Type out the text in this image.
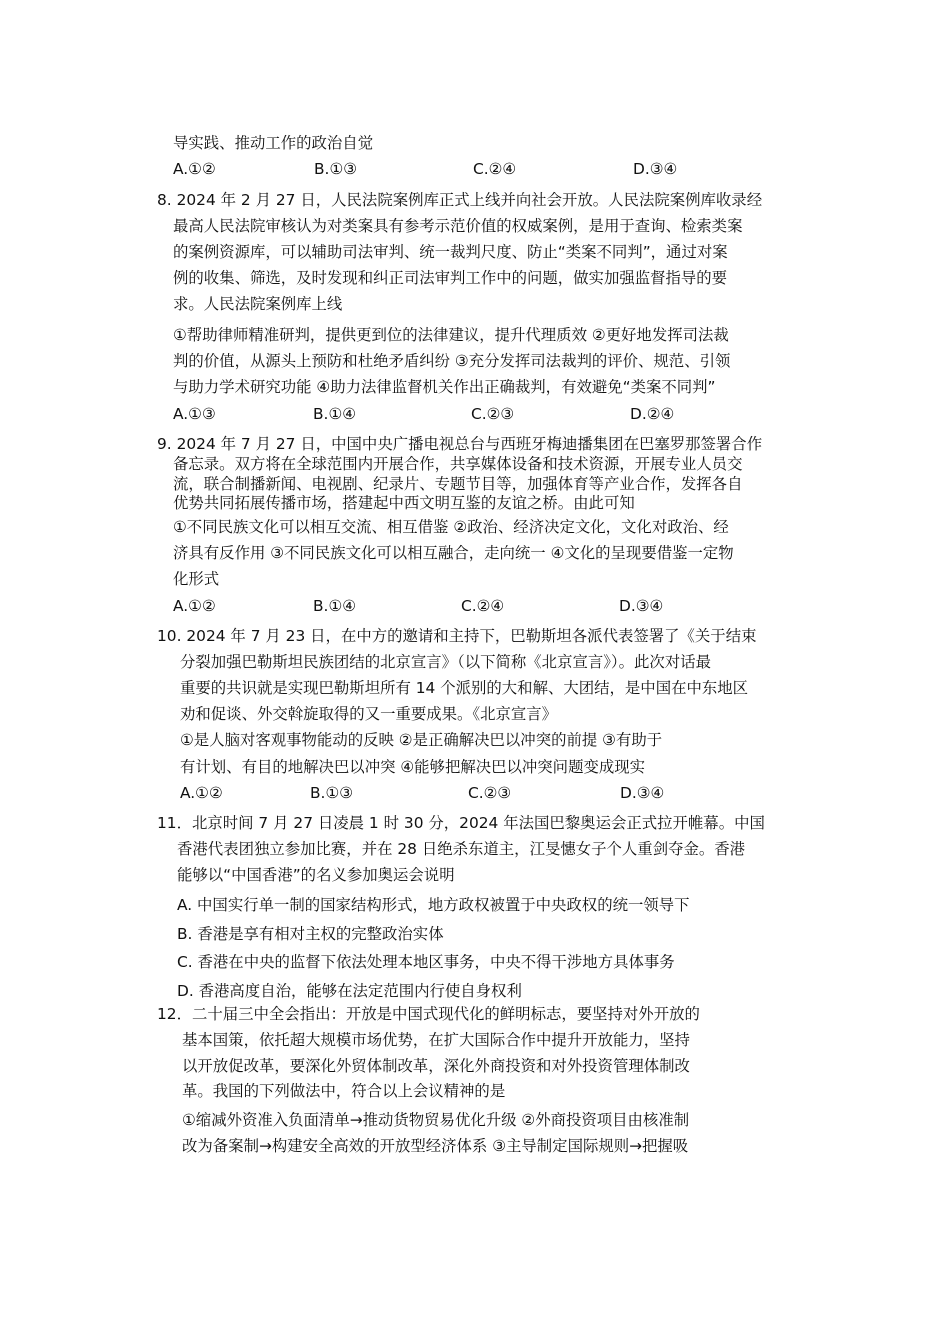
导实践、推动工作的政治自觉
A.①②	B.①③	C.②④	D.③④
8. 2024 年 2 月 27 日，人民法院案例库正式上线并向社会开放。人民法院案例库收录经
最高人民法院审核认为对类案具有参考示范价值的权威案例，是用于查询、检索类案
的案例资源库，可以辅助司法审判、统一裁判尺度、防止“类案不同判”，通过对案
例的收集、筛选，及时发现和纠正司法审判工作中的问题，做实加强监督指导的要
求。人民法院案例库上线
①帮助律师精准研判，提供更到位的法律建议，提升代理质效 ②更好地发挥司法裁
判的价值，从源头上预防和杜绝矛盾纠纷 ③充分发挥司法裁判的评价、规范、引领
与助力学术研究功能 ④助力法律监督机关作出正确裁判，有效避免“类案不同判”
A.①③	B.①④	C.②③	D.②④
9. 2024 年 7 月 27 日，中国中央广播电视总台与西班牙梅迪播集团在巴塞罗那签署合作
备忘录。双方将在全球范围内开展合作，共享媒体设备和技术资源，开展专业人员交
流，联合制播新闻、电视剧、纪录片、专题节目等，加强体育等产业合作，发挥各自
优势共同拓展传播市场，搭建起中西文明互鉴的友谊之桥。由此可知
①不同民族文化可以相互交流、相互借鉴 ②政治、经济决定文化，文化对政治、经
济具有反作用 ③不同民族文化可以相互融合，走向统一 ④文化的呈现要借鉴一定物
化形式
A.①②	B.①④	C.②④	D.③④
10. 2024 年 7 月 23 日，在中方的邀请和主持下，巴勒斯坦各派代表签署了《关于结束
分裂加强巴勒斯坦民族团结的北京宣言》（以下简称《北京宣言》）。此次对话最
重要的共识就是实现巴勒斯坦所有 14 个派别的大和解、大团结，是中国在中东地区
劝和促谈、外交斡旋取得的又一重要成果。《北京宣言》
①是人脑对客观事物能动的反映 ②是正确解决巴以冲突的前提 ③有助于
有计划、有目的地解决巴以冲突 ④能够把解决巴以冲突问题变成现实
A.①②	B.①③	C.②③	D.③④
11．北京时间 7 月 27 日凌晨 1 时 30 分，2024 年法国巴黎奥运会正式拉开帷幕。中国
香港代表团独立参加比赛，并在 28 日绝杀东道主，江旻憓女子个人重剑夺金。香港
能够以“中国香港”的名义参加奥运会说明
A. 中国实行单一制的国家结构形式，地方政权被置于中央政权的统一领导下
B. 香港是享有相对主权的完整政治实体
C. 香港在中央的监督下依法处理本地区事务，中央不得干涉地方具体事务
D. 香港高度自治，能够在法定范围内行使自身权利
12．二十届三中全会指出：开放是中国式现代化的鲜明标志，要坚持对外开放的
基本国策，依托超大规模市场优势，在扩大国际合作中提升开放能力，坚持
以开放促改革，要深化外贸体制改革，深化外商投资和对外投资管理体制改
革。我国的下列做法中，符合以上会议精神的是
①缩减外资准入负面清单→推动货物贸易优化升级 ②外商投资项目由核准制
改为备案制→构建安全高效的开放型经济体系 ③主导制定国际规则→把握吸
